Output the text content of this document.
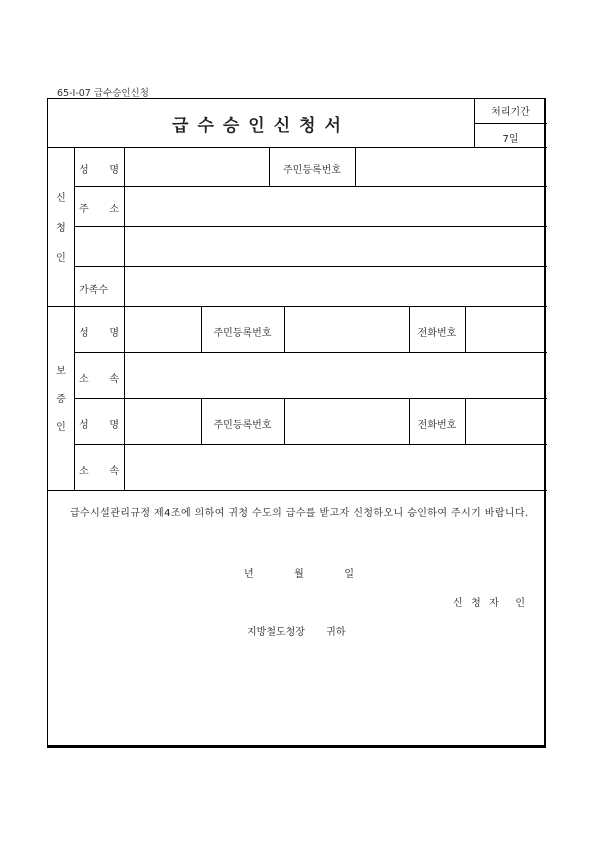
65-Ⅰ-07 급수승인신청
급수승인신청서
처리기간
7일
신
청
인
성 명	주민등록번호
주 소
가족수
보
증
인
성 명	주민등록번호	전화번호
소 속
성 명	주민등록번호	전화번호
소 속
급수시설관리규정 제4조에 의하여 귀청 수도의 급수를 받고자 신청하오니 승인하여 주시기 바랍니다.
년	월	일
신 청 자 인
지방철도청장 귀하
